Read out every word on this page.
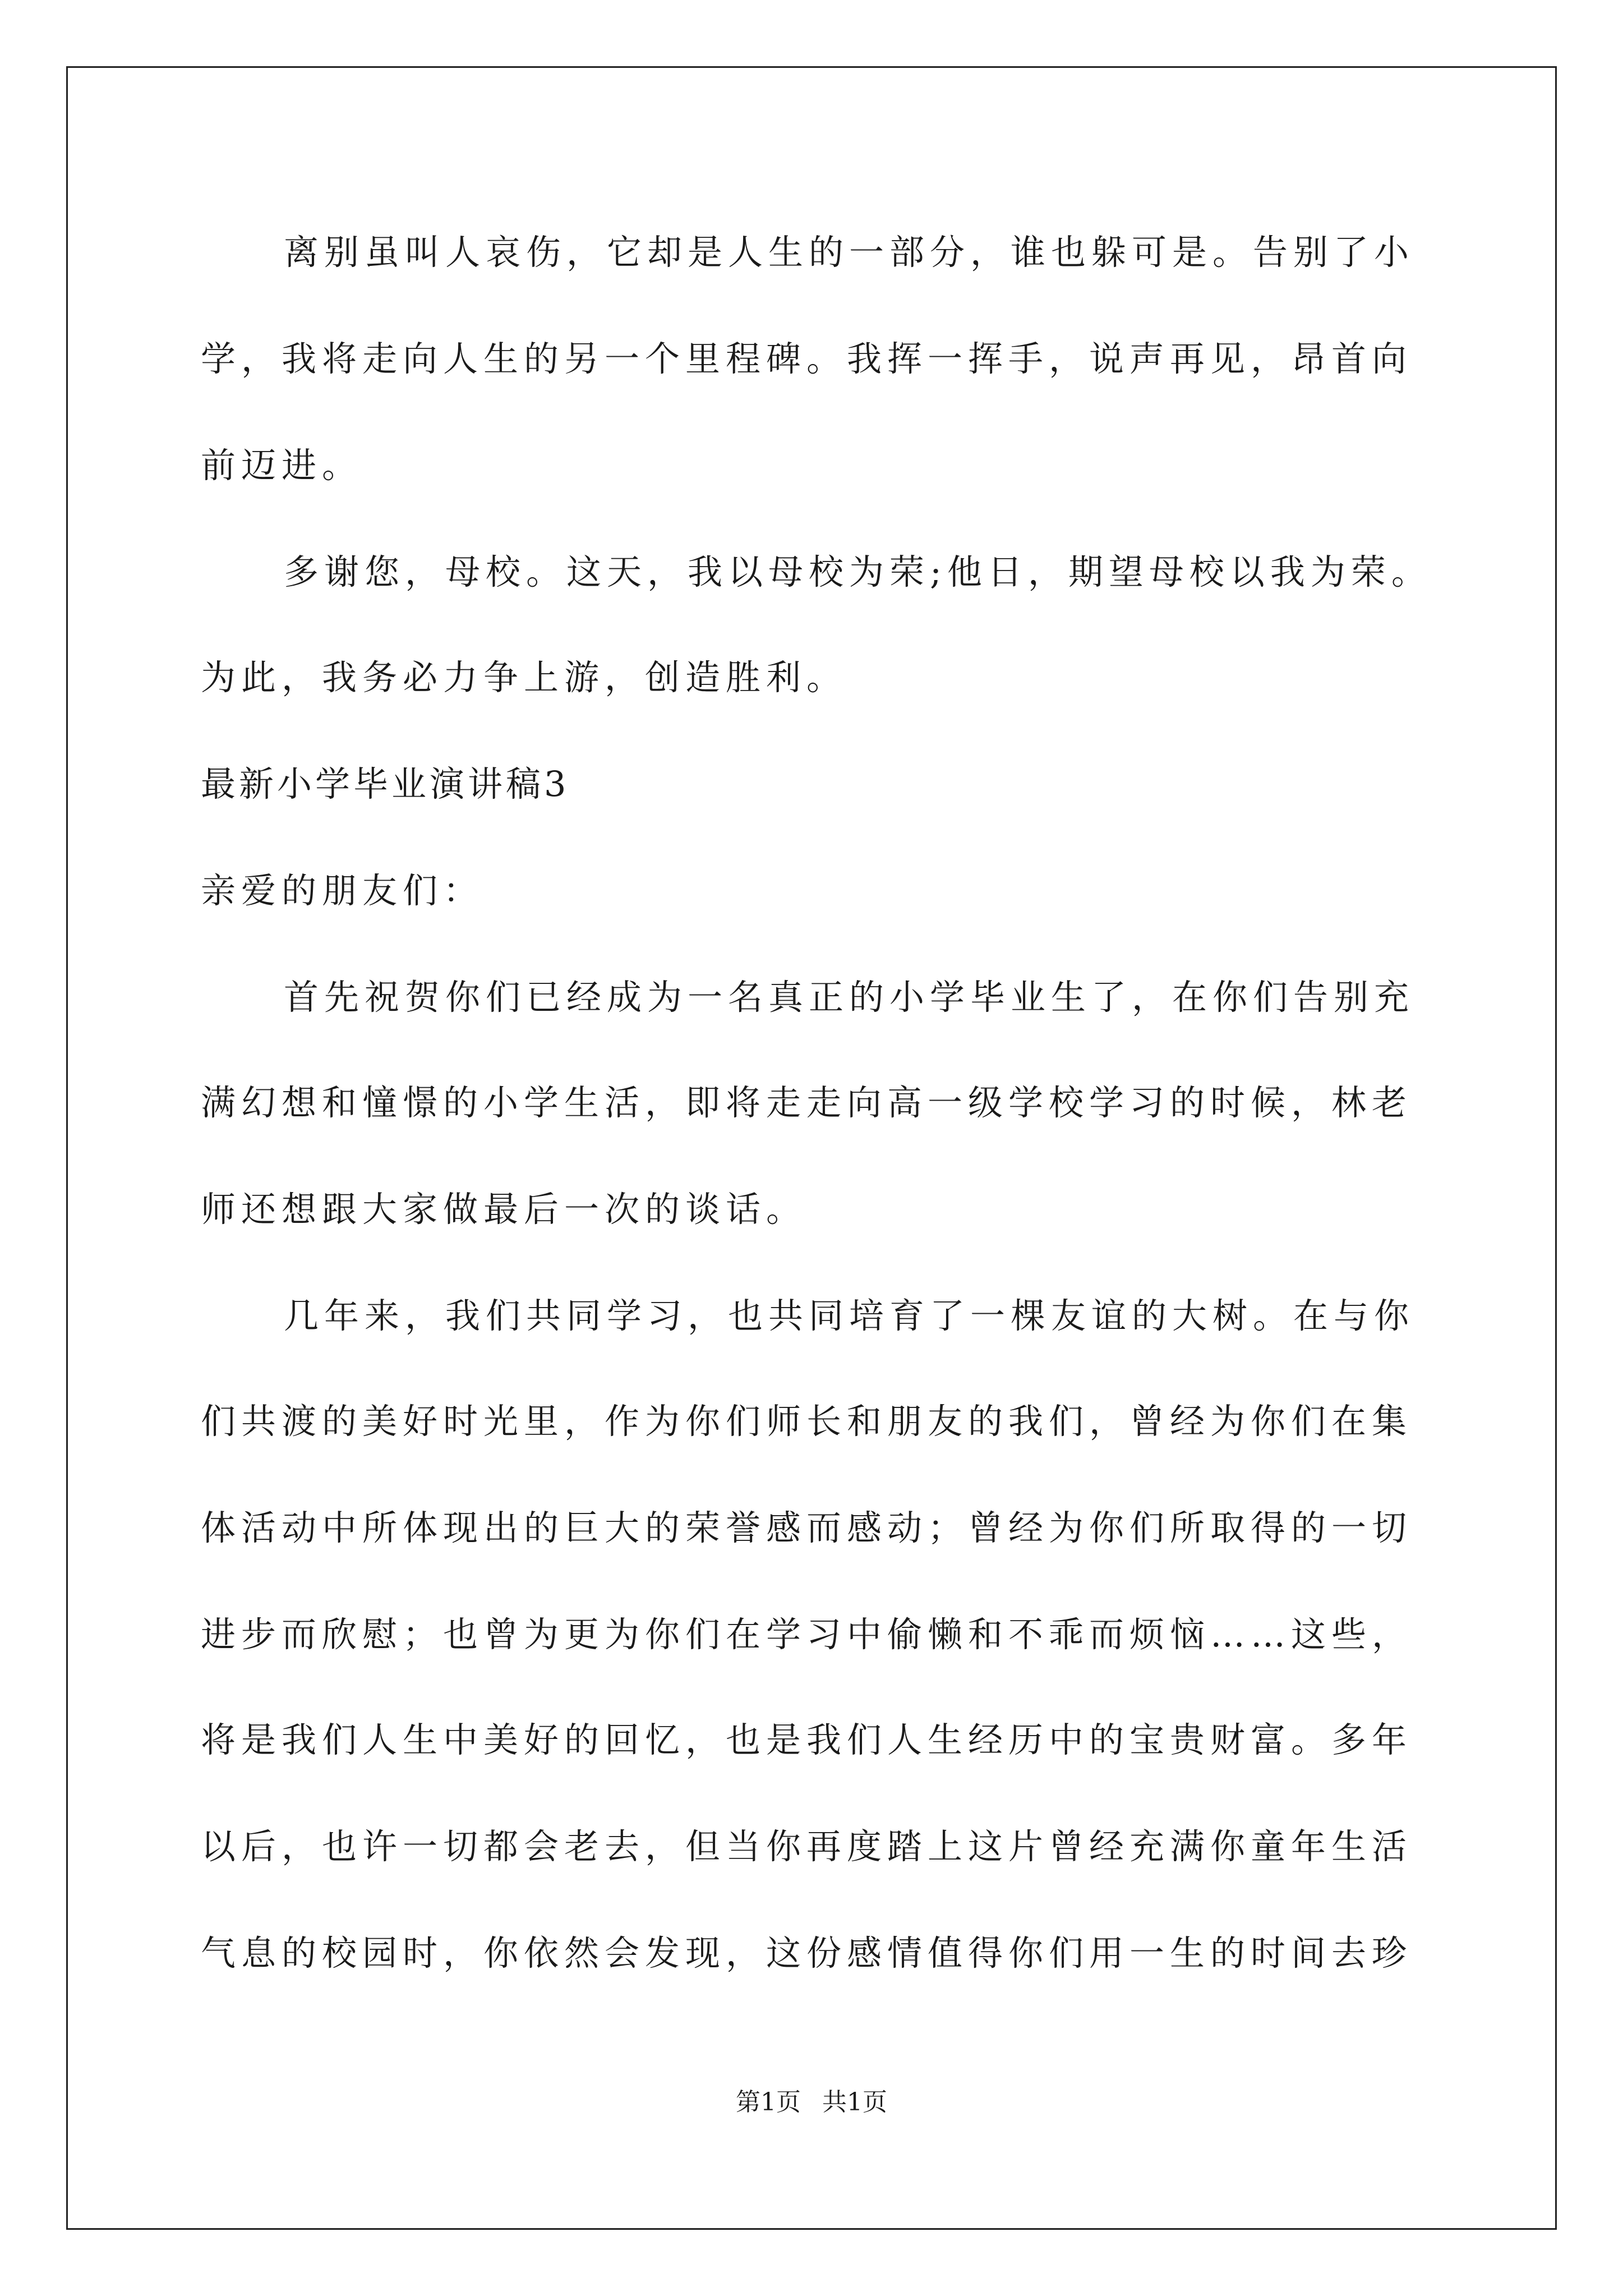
离别虽叫人哀伤，它却是人生的一部分，谁也躲可是。告别了小
学，我将走向人生的另一个里程碑。我挥一挥手，说声再见，昂首向
前迈进。
多谢您，母校。这天，我以母校为荣;他日，期望母校以我为荣。
为此，我务必力争上游，创造胜利。
最新小学毕业演讲稿3
亲爱的朋友们：
首先祝贺你们已经成为一名真正的小学毕业生了，在你们告别充
满幻想和憧憬的小学生活，即将走走向高一级学校学习的时候，林老
师还想跟大家做最后一次的谈话。
几年来，我们共同学习，也共同培育了一棵友谊的大树。在与你
们共渡的美好时光里，作为你们师长和朋友的我们，曾经为你们在集
体活动中所体现出的巨大的荣誉感而感动；曾经为你们所取得的一切
进步而欣慰；也曾为更为你们在学习中偷懒和不乖而烦恼……这些，
将是我们人生中美好的回忆，也是我们人生经历中的宝贵财富。多年
以后，也许一切都会老去，但当你再度踏上这片曾经充满你童年生活
气息的校园时，你依然会发现，这份感情值得你们用一生的时间去珍
第1页 共1页
